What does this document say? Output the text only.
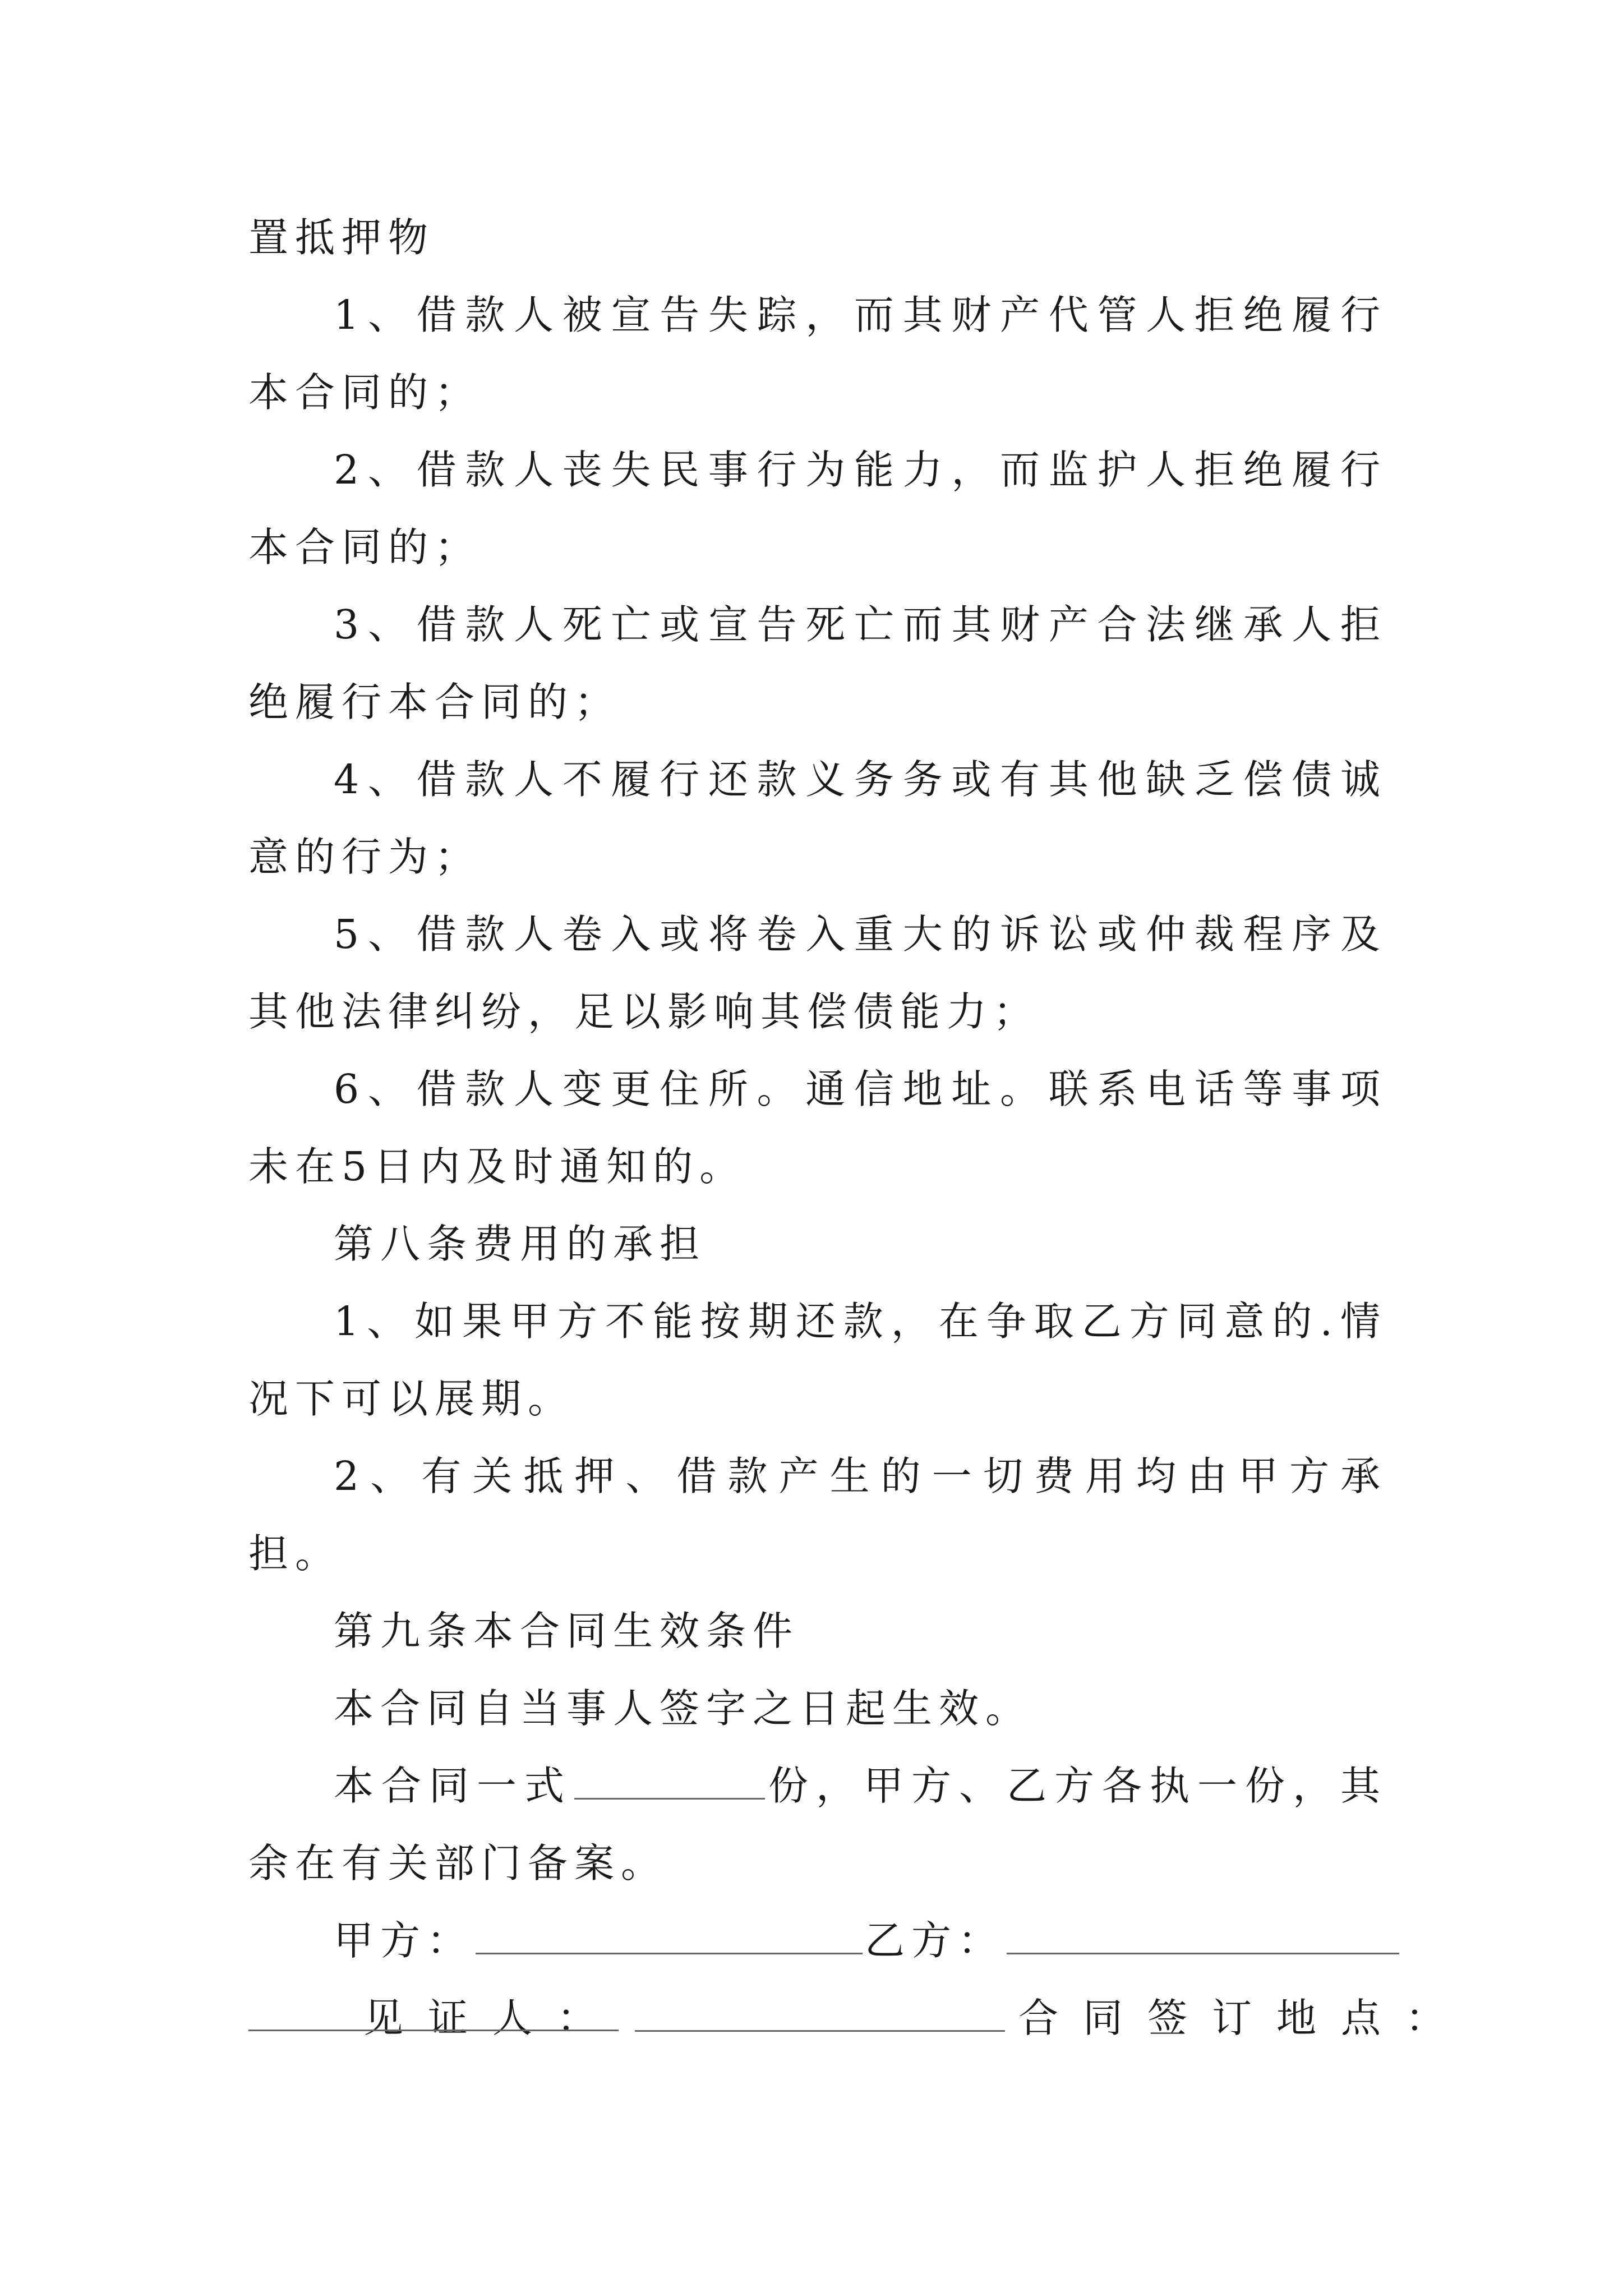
置抵押物

1、借款人被宣告失踪，而其财产代管人拒绝履行本合同的；

2、借款人丧失民事行为能力，而监护人拒绝履行本合同的；

3、借款人死亡或宣告死亡而其财产合法继承人拒绝履行本合同的；

4、借款人不履行还款义务务或有其他缺乏偿债诚意的行为；

5、借款人卷入或将卷入重大的诉讼或仲裁程序及其他法律纠纷，足以影响其偿债能力；

6、借款人变更住所。通信地址。联系电话等事项未在5日内及时通知的。

第八条费用的承担

1、如果甲方不能按期还款，在争取乙方同意的.情况下可以展期。

2、有关抵押、借款产生的一切费用均由甲方承担。

第九条本合同生效条件

本合同自当事人签字之日起生效。

本合同一式	份，甲方、乙方各执一份，其余在有关部门备案。

甲方：	乙方：

见证人：	合同签订地点：
